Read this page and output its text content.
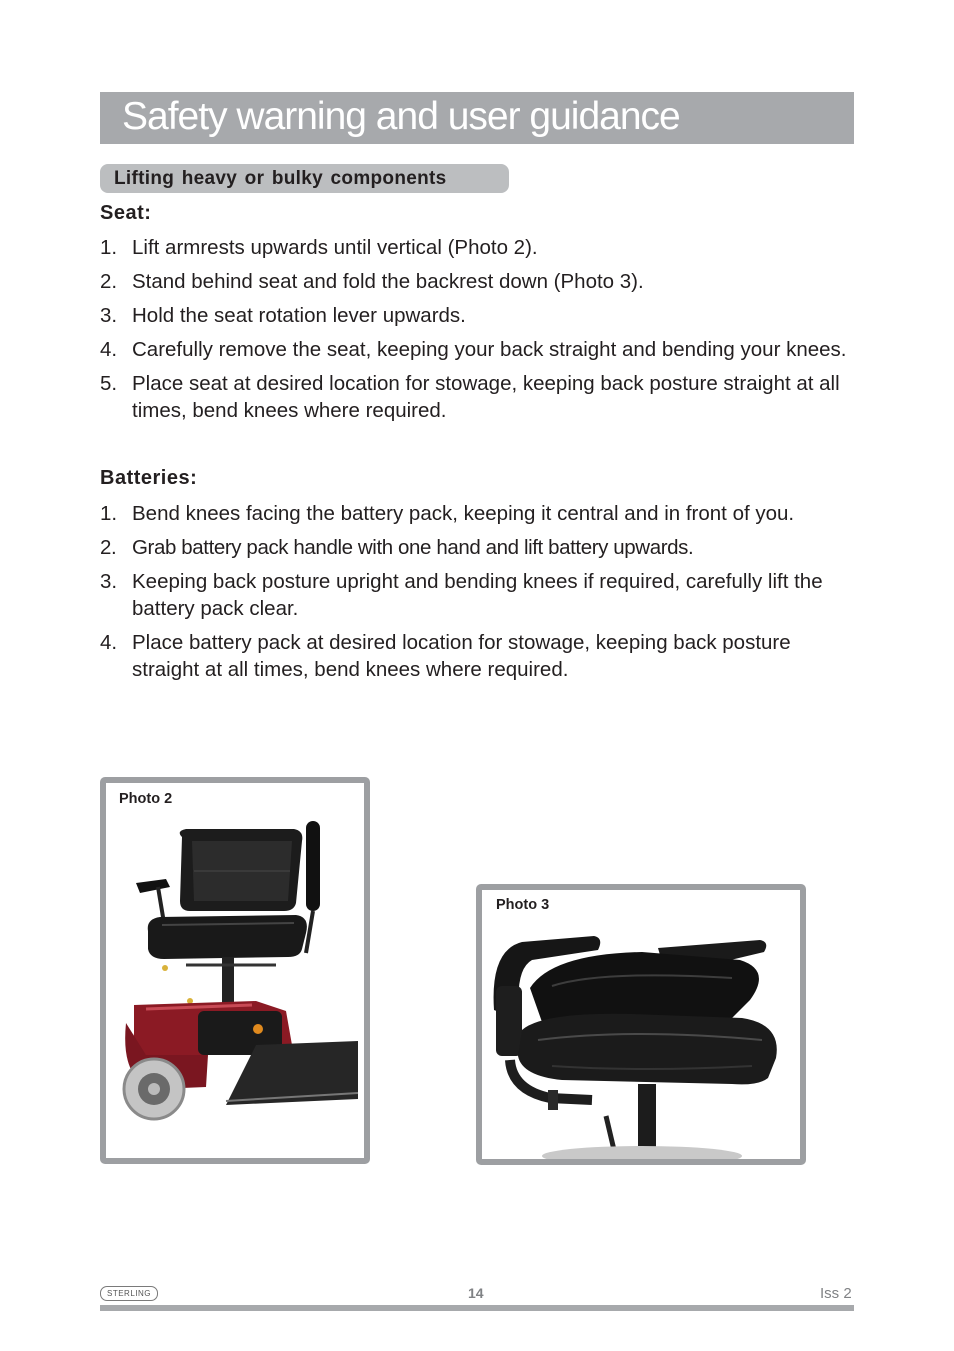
Safety warning and user guidance
Lifting heavy or bulky components
Seat:
1. Lift armrests upwards until vertical (Photo 2).
2. Stand behind seat and fold the backrest down (Photo 3).
3. Hold the seat rotation lever upwards.
4. Carefully remove the seat, keeping your back straight and bending your knees.
5. Place seat at desired location for stowage, keeping back posture straight at all times, bend knees where required.
Batteries:
1. Bend knees facing the battery pack, keeping it central and in front of you.
2. Grab battery pack handle with one hand and lift battery upwards.
3. Keeping back posture upright and bending knees if required, carefully lift the battery pack clear.
4. Place battery pack at desired location for stowage, keeping back posture straight at all times, bend knees where required.
Photo 2
Photo 3
STERLING	14	Iss 2
